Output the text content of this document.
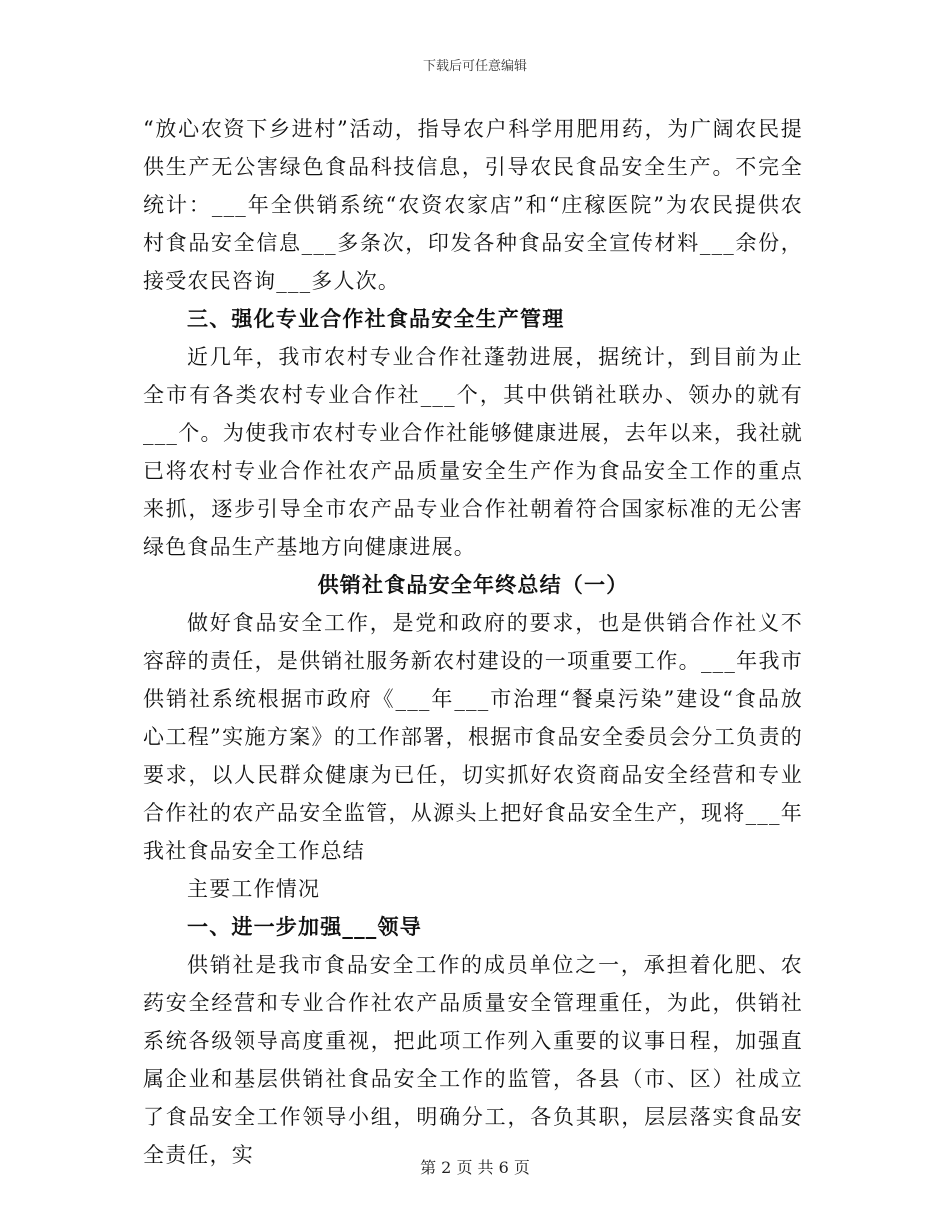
下载后可任意编辑

“放心农资下乡进村”活动，指导农户科学用肥用药，为广阔农民提供生产无公害绿色食品科技信息，引导农民食品安全生产。不完全统计：___年全供销系统“农资农家店”和“庄稼医院”为农民提供农村食品安全信息___多条次，印发各种食品安全宣传材料___余份，接受农民咨询___多人次。

三、强化专业合作社食品安全生产管理

近几年，我市农村专业合作社蓬勃进展，据统计，到目前为止全市有各类农村专业合作社___个，其中供销社联办、领办的就有___个。为使我市农村专业合作社能够健康进展，去年以来，我社就已将农村专业合作社农产品质量安全生产作为食品安全工作的重点来抓，逐步引导全市农产品专业合作社朝着符合国家标准的无公害绿色食品生产基地方向健康进展。

供销社食品安全年终总结（一）

做好食品安全工作，是党和政府的要求，也是供销合作社义不容辞的责任，是供销社服务新农村建设的一项重要工作。___年我市供销社系统根据市政府《___年___市治理“餐桌污染”建设“食品放心工程”实施方案》的工作部署，根据市食品安全委员会分工负责的要求，以人民群众健康为已任，切实抓好农资商品安全经营和专业合作社的农产品安全监管，从源头上把好食品安全生产，现将___年我社食品安全工作总结

主要工作情况

一、进一步加强___领导

供销社是我市食品安全工作的成员单位之一，承担着化肥、农药安全经营和专业合作社农产品质量安全管理重任，为此，供销社系统各级领导高度重视，把此项工作列入重要的议事日程，加强直属企业和基层供销社食品安全工作的监管，各县（市、区）社成立了食品安全工作领导小组，明确分工，各负其职，层层落实食品安全责任，实

第 2 页 共 6 页
